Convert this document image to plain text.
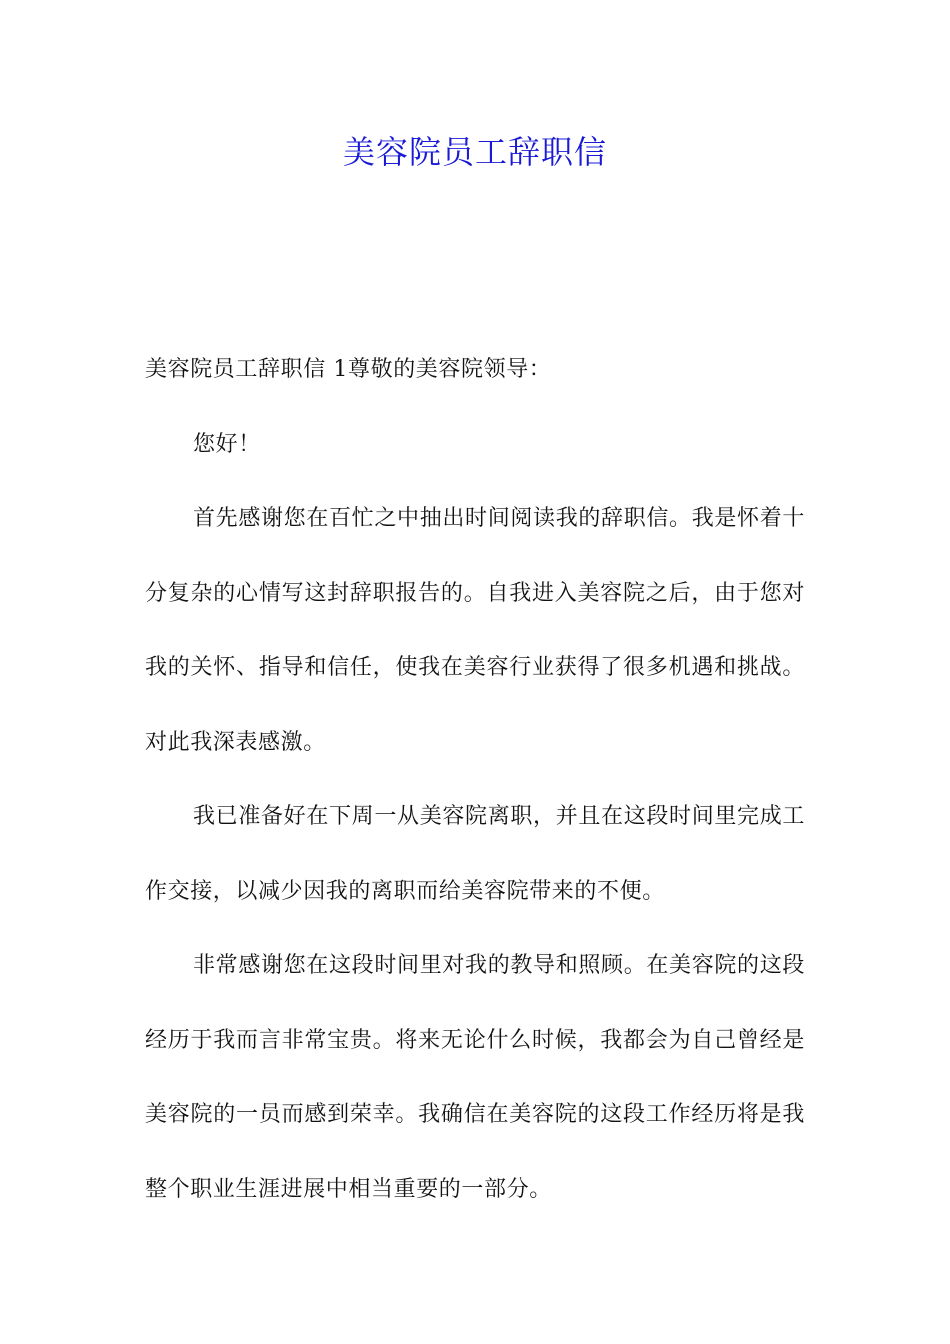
美容院员工辞职信

美容院员工辞职信 1尊敬的美容院领导：

您好！

首先感谢您在百忙之中抽出时间阅读我的辞职信。我是怀着十分复杂的心情写这封辞职报告的。自我进入美容院之后，由于您对我的关怀、指导和信任，使我在美容行业获得了很多机遇和挑战。对此我深表感激。

我已准备好在下周一从美容院离职，并且在这段时间里完成工作交接，以减少因我的离职而给美容院带来的不便。

非常感谢您在这段时间里对我的教导和照顾。在美容院的这段经历于我而言非常宝贵。将来无论什么时候，我都会为自己曾经是美容院的一员而感到荣幸。我确信在美容院的这段工作经历将是我整个职业生涯进展中相当重要的一部分。
